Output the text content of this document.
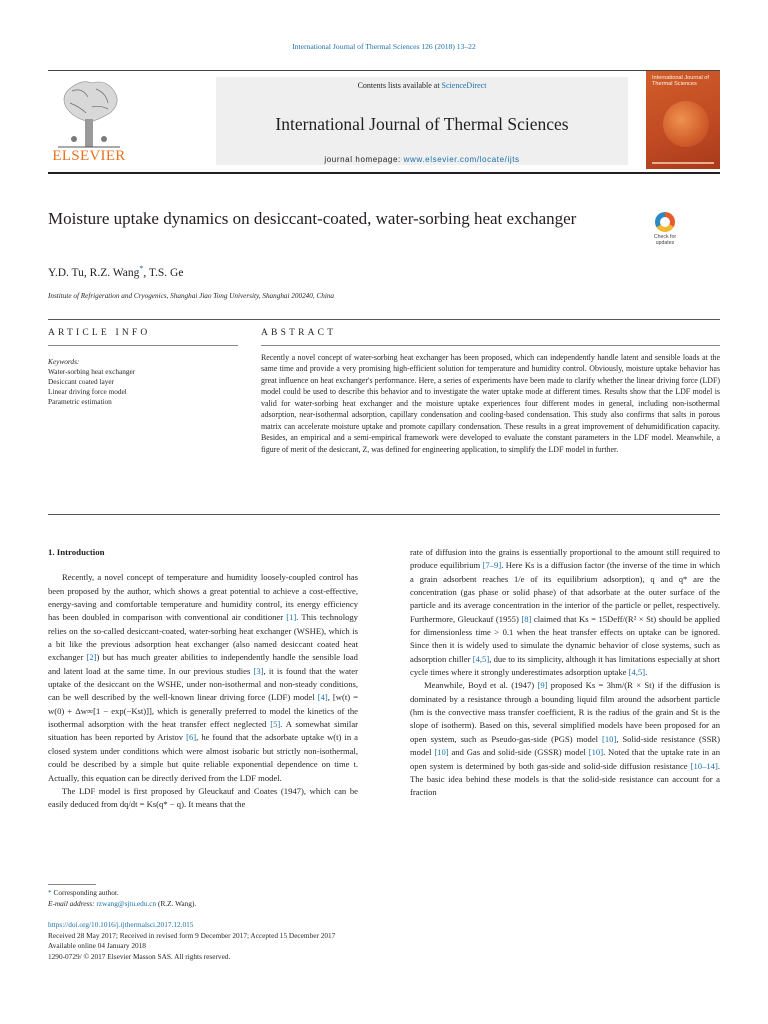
International Journal of Thermal Sciences 126 (2018) 13–22
ELSEVIER
Contents lists available at ScienceDirect
International Journal of Thermal Sciences
journal homepage: www.elsevier.com/locate/ijts
International Journal of Thermal Sciences
Moisture uptake dynamics on desiccant-coated, water-sorbing heat exchanger
Check for updates
Y.D. Tu, R.Z. Wang*, T.S. Ge
Institute of Refrigeration and Cryogenics, Shanghai Jiao Tong University, Shanghai 200240, China
ARTICLE INFO	ABSTRACT
Keywords:
Water-sorbing heat exchanger
Desiccant coated layer
Linear driving force model
Parametric estimation
Recently a novel concept of water-sorbing heat exchanger has been proposed, which can independently handle latent and sensible loads at the same time and provide a very promising high-efficient solution for temperature and humidity control. Obviously, moisture uptake behavior has great influence on heat exchanger's performance. Here, a series of experiments have been made to clarify whether the linear driving force (LDF) model could be used to describe this behavior and to investigate the water uptake mode at different times. Results show that the LDF model is valid for water-sorbing heat exchanger and the moisture uptake experiences four different modes in general, including non-isothermal adsorption, near-isothermal adsorption, capillary condensation and cooling-based condensation. This study also confirms that salts in porous matrix can accelerate moisture uptake and promote capillary condensation. These results in a great improvement of dehumidification capacity. Besides, an empirical and a semi-empirical framework were developed to evaluate the constant parameters in the LDF model. Meanwhile, a figure of merit of the desiccant, Z, was defined for engineering application, to simplify the LDF model in further.

1. Introduction

Recently, a novel concept of temperature and humidity loosely-coupled control has been proposed by the author, which shows a great potential to achieve a cost-effective, energy-saving and comfortable temperature and humidity control, its energy efficiency has been doubled in comparison with conventional air conditioner [1]. This technology relies on the so-called desiccant-coated, water-sorbing heat exchanger (WSHE), which is a bit like the previous adsorption heat exchanger (also named desiccant coated heat exchanger [2]) but has much greater abilities to independently handle the sensible load and latent load at the same time. In our previous studies [3], it is found that the water uptake of the desiccant on the WSHE, under non-isothermal and non-steady conditions, can be well described by the well-known linear driving force (LDF) model [4], [w(t) = w(0) + Δw∞[1 − exp(−Kst)]], which is generally preferred to model the kinetics of the isothermal adsorption with the heat transfer effect neglected [5]. A somewhat similar situation has been reported by Aristov [6], he found that the adsorbate uptake w(t) in a closed system under conditions which were almost isobaric but strictly non-isothermal, could be described by a simple but quite reliable exponential dependence on time t. Actually, this equation can be directly derived from the LDF model.

The LDF model is first proposed by Gleuckauf and Coates (1947), which can be easily deduced from dq/dt = Ks(q* − q). It means that the

rate of diffusion into the grains is essentially proportional to the amount still required to produce equilibrium [7–9]. Here Ks is a diffusion factor (the inverse of the time in which a grain adsorbent reaches 1/e of its equilibrium adsorption), q and q* are the concentration (gas phase or solid phase) of that adsorbate at the outer surface of the particle and its average concentration in the interior of the particle or pellet, respectively. Furthermore, Gleuckauf (1955) [8] claimed that Ks = 15Deff/(R² × St) should be applied for dimensionless time > 0.1 when the heat transfer effects on uptake can be ignored. Since then it is widely used to simulate the dynamic behavior of close systems, such as adsorption chiller [4,5], due to its simplicity, although it has limitations especially at short cycle times where it strongly underestimates adsorption uptake [4,5].

Meanwhile, Boyd et al. (1947) [9] proposed Ks = 3hm/(R × St) if the diffusion is dominated by a resistance through a bounding liquid film around the adsorbent particle (hm is the convective mass transfer coefficient, R is the radius of the grain and St is the slope of isotherm). Based on this, several simplified models have been proposed for an open system, such as Pseudo-gas-side (PGS) model [10], Solid-side resistance (SSR) model [10] and Gas and solid-side (GSSR) model [10]. Noted that the uptake rate in an open system is determined by both gas-side and solid-side diffusion resistance [10–14]. The basic idea behind these models is that the solid-side resistance can account for a fraction

* Corresponding author.
E-mail address: rzwang@sjtu.edu.cn (R.Z. Wang).
https://doi.org/10.1016/j.ijthermalsci.2017.12.015
Received 28 May 2017; Received in revised form 9 December 2017; Accepted 15 December 2017
Available online 04 January 2018
1290-0729/ © 2017 Elsevier Masson SAS. All rights reserved.
